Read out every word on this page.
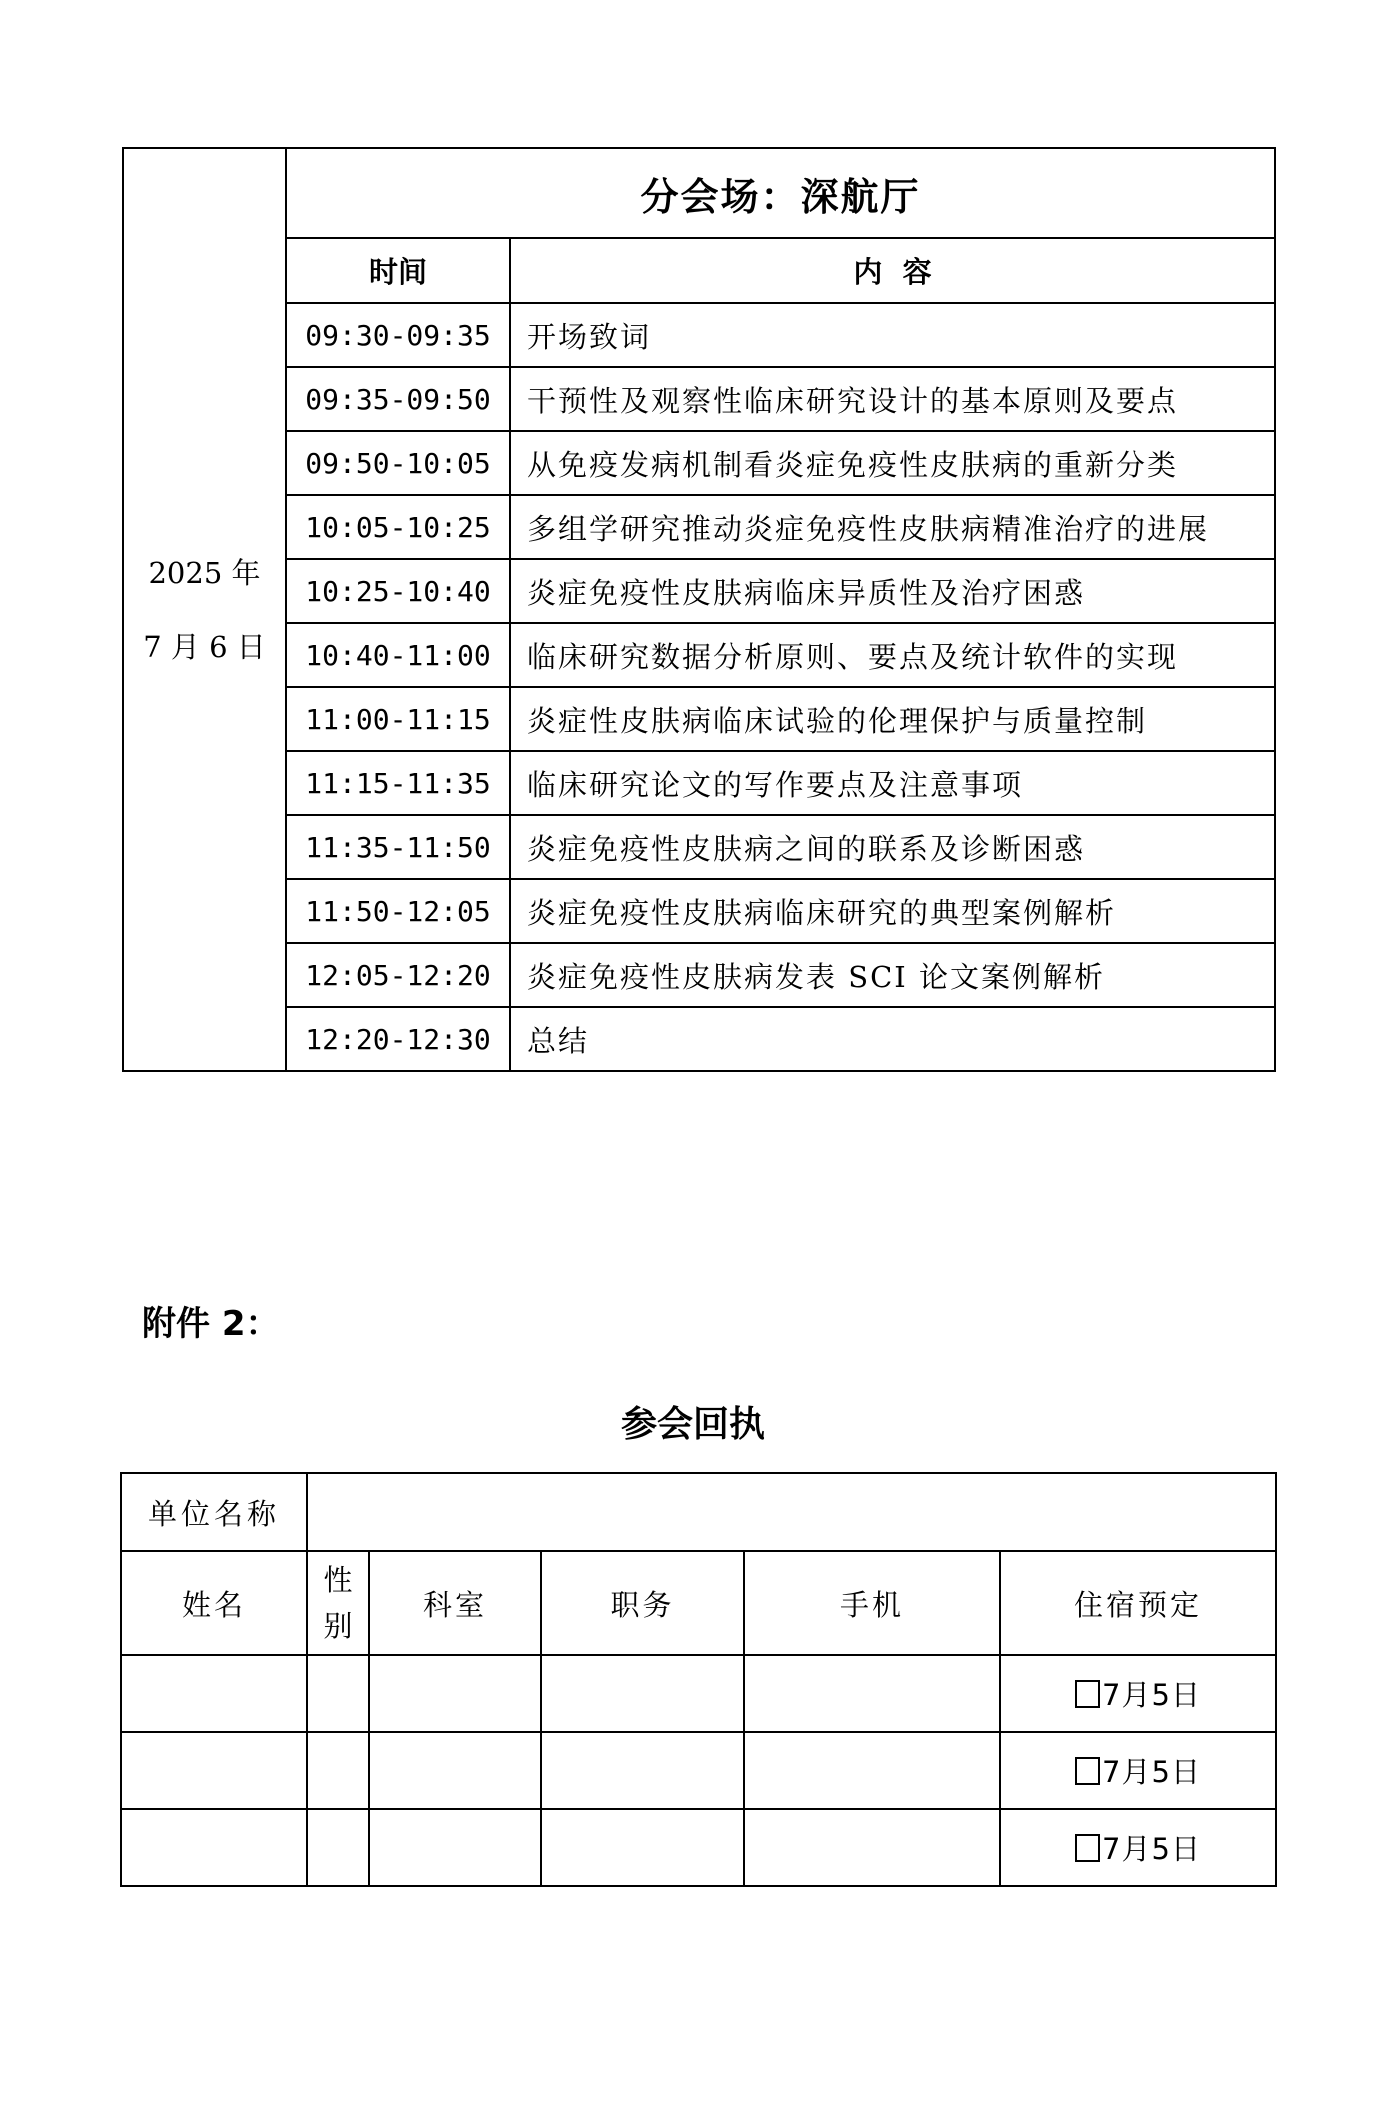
2025 年
7 月 6 日	分会场：深航厅	
	时间	内  容
	09:30-09:35	开场致词
	09:35-09:50	干预性及观察性临床研究设计的基本原则及要点
	09:50-10:05	从免疫发病机制看炎症免疫性皮肤病的重新分类
	10:05-10:25	多组学研究推动炎症免疫性皮肤病精准治疗的进展
	10:25-10:40	炎症免疫性皮肤病临床异质性及治疗困惑
	10:40-11:00	临床研究数据分析原则、要点及统计软件的实现
	11:00-11:15	炎症性皮肤病临床试验的伦理保护与质量控制
	11:15-11:35	临床研究论文的写作要点及注意事项
	11:35-11:50	炎症免疫性皮肤病之间的联系及诊断困惑
	11:50-12:05	炎症免疫性皮肤病临床研究的典型案例解析
	12:05-12:20	炎症免疫性皮肤病发表 SCI 论文案例解析
	12:20-12:30	总结
附件 2：
参会回执
单位名称					
姓名	性
别	科室	职务	手机	住宿预定
					7月5日
					7月5日
					7月5日
